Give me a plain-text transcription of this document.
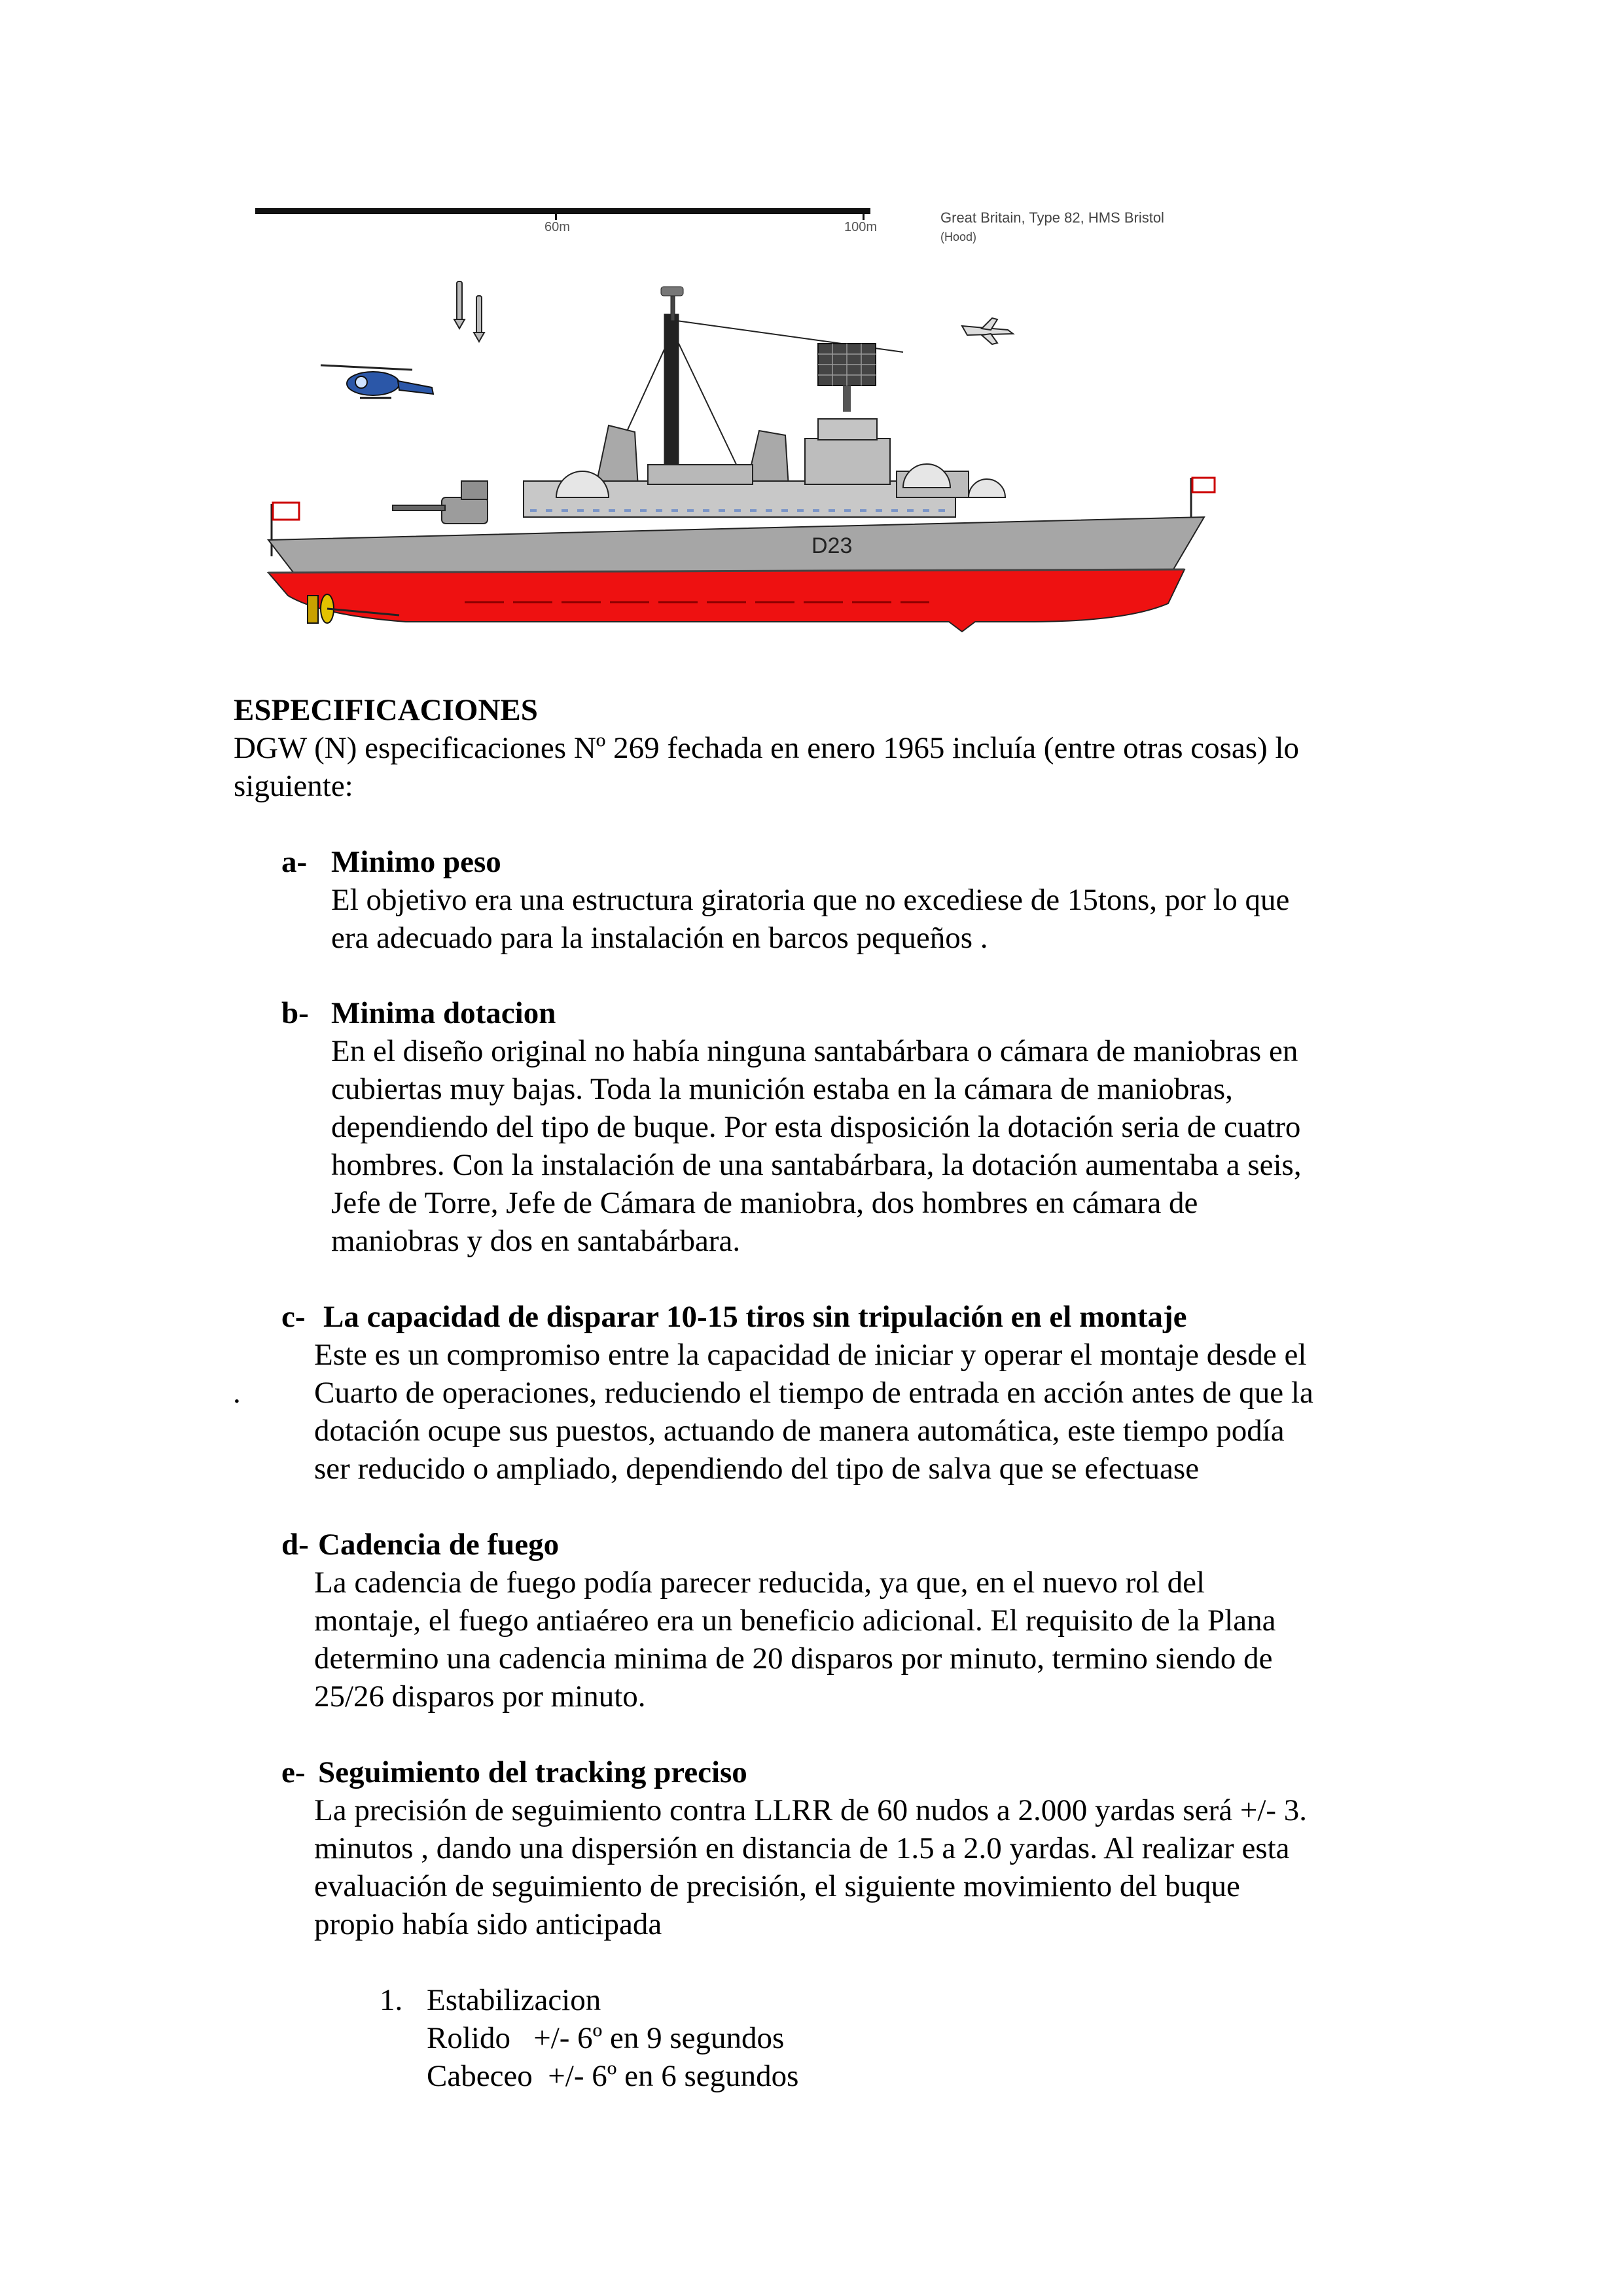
60m	100m
Great Britain, Type 82, HMS Bristol
(Hood)
D23
ESPECIFICACIONES
DGW (N) especificaciones Nº 269 fechada en enero 1965 incluía (entre otras cosas) lo
siguiente:
a- Minimo peso
El objetivo era una estructura giratoria que no excediese de 15tons, por lo que
era adecuado para la instalación en barcos pequeños .
b- Minima dotacion
En el diseño original no había ninguna santabárbara o cámara de maniobras en
cubiertas muy bajas. Toda la munición estaba en la cámara de maniobras,
dependiendo del tipo de buque. Por esta disposición la dotación seria de cuatro
hombres. Con la instalación de una santabárbara, la dotación aumentaba a seis,
Jefe de Torre, Jefe de Cámara de maniobra, dos hombres en cámara de
maniobras y dos en santabárbara.
c- La capacidad de disparar 10-15 tiros sin tripulación en el montaje
Este es un compromiso entre la capacidad de iniciar y operar el montaje desde el
. Cuarto de operaciones, reduciendo el tiempo de entrada en acción antes de que la
dotación ocupe sus puestos, actuando de manera automática, este tiempo podía
ser reducido o ampliado, dependiendo del tipo de salva que se efectuase
d- Cadencia de fuego
La cadencia de fuego podía parecer reducida, ya que, en el nuevo rol del
montaje, el fuego antiaéreo era un beneficio adicional. El requisito de la Plana
determino una cadencia minima de 20 disparos por minuto, termino siendo de
25/26 disparos por minuto.
e- Seguimiento del tracking preciso
La precisión de seguimiento contra LLRR de 60 nudos a 2.000 yardas será +/- 3.
minutos , dando una dispersión en distancia de 1.5 a 2.0 yardas. Al realizar esta
evaluación de seguimiento de precisión, el siguiente movimiento del buque
propio había sido anticipada
1. Estabilizacion
Rolido   +/- 6º en 9 segundos
Cabeceo  +/- 6º en 6 segundos
